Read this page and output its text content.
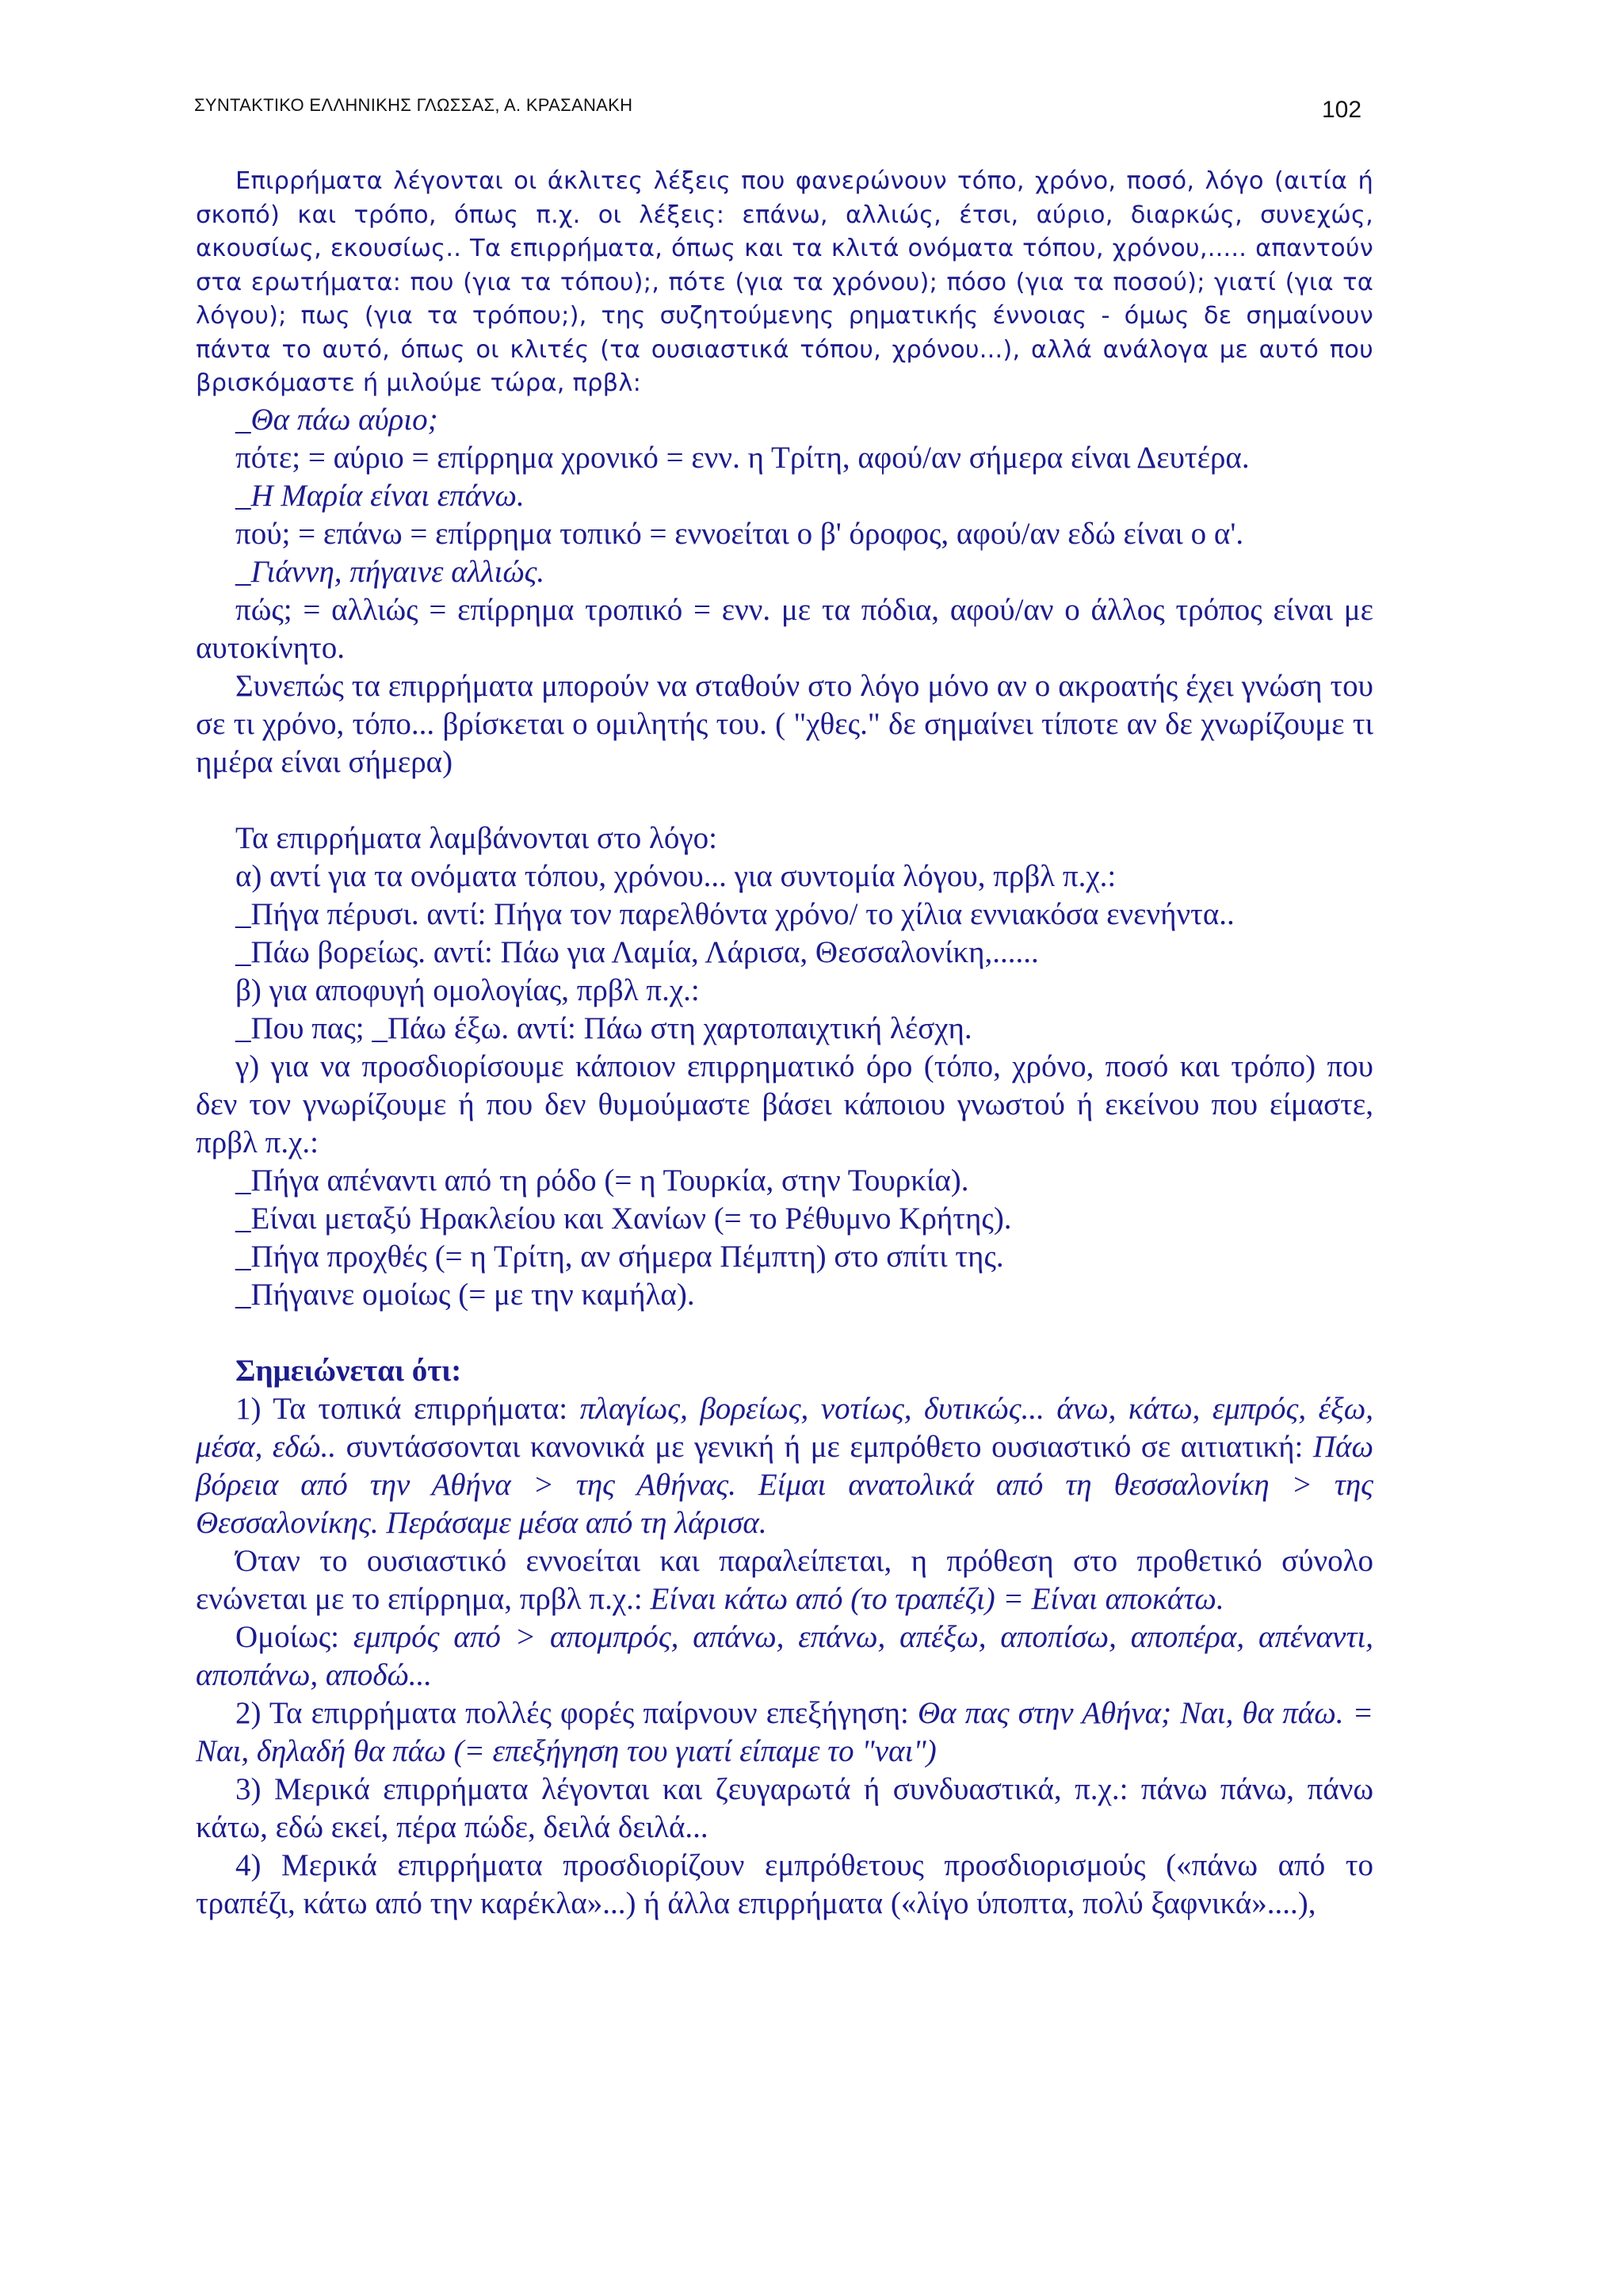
ΣΥΝΤΑΚΤΙΚΟ ΕΛΛΗΝΙΚΗΣ ΓΛΩΣΣΑΣ, Α. ΚΡΑΣΑΝΑΚΗ	102

Επιρρήματα λέγονται οι άκλιτες λέξεις που φανερώνουν τόπο, χρόνο, ποσό, λόγο (αιτία ή σκοπό) και τρόπο, όπως π.χ. οι λέξεις: επάνω, αλλιώς, έτσι, αύριο, διαρκώς, συνεχώς, ακουσίως, εκουσίως.. Τα επιρρήματα, όπως και τα κλιτά ονόματα τόπου, χρόνου,..... απαντούν στα ερωτήματα: που (για τα τόπου);, πότε (για τα χρόνου); πόσο (για τα ποσού); γιατί (για τα λόγου); πως (για τα τρόπου;), της συζητούμενης ρηματικής έννοιας - όμως δε σημαίνουν πάντα το αυτό, όπως οι κλιτές (τα ουσιαστικά τόπου, χρόνου...), αλλά ανάλογα με αυτό που βρισκόμαστε ή μιλούμε τώρα, πρβλ:

_Θα πάω αύριο;

πότε; = αύριο = επίρρημα χρονικό = ενν. η Τρίτη, αφού/αν σήμερα είναι Δευτέρα.

_Η Μαρία είναι επάνω.

πού; = επάνω = επίρρημα τοπικό = εννοείται ο β' όροφος, αφού/αν εδώ είναι ο α'.

_Γιάννη, πήγαινε αλλιώς.

πώς; = αλλιώς = επίρρημα τροπικό = ενν. με τα πόδια, αφού/αν ο άλλος τρόπος είναι με αυτοκίνητο.

Συνεπώς τα επιρρήματα μπορούν να σταθούν στο λόγο μόνο αν ο ακροατής έχει γνώση του σε τι χρόνο, τόπο... βρίσκεται ο ομιλητής του. ( "χθες." δε σημαίνει τίποτε αν δε χνωρίζουμε τι ημέρα είναι σήμερα)

Τα επιρρήματα λαμβάνονται στο λόγο:

α) αντί για τα ονόματα τόπου, χρόνου... για συντομία λόγου, πρβλ π.χ.:

_Πήγα πέρυσι. αντί: Πήγα τον παρελθόντα χρόνο/ το χίλια εννιακόσα ενενήντα..

_Πάω βορείως. αντί: Πάω για Λαμία, Λάρισα, Θεσσαλονίκη,......

β) για αποφυγή ομολογίας, πρβλ π.χ.:

_Που πας; _Πάω έξω. αντί: Πάω στη χαρτοπαιχτική λέσχη.

γ) για να προσδιορίσουμε κάποιον επιρρηματικό όρο (τόπο, χρόνο, ποσό και τρόπο) που δεν τον γνωρίζουμε ή που δεν θυμούμαστε βάσει κάποιου γνωστού ή εκείνου που είμαστε, πρβλ π.χ.:

_Πήγα απέναντι από τη ρόδο (= η Τουρκία, στην Τουρκία).

_Είναι μεταξύ Ηρακλείου και Χανίων (= το Ρέθυμνο Κρήτης).

_Πήγα προχθές (= η Τρίτη, αν σήμερα Πέμπτη) στο σπίτι της.

_Πήγαινε ομοίως (= με την καμήλα).

Σημειώνεται ότι:

1) Τα τοπικά επιρρήματα: πλαγίως, βορείως, νοτίως, δυτικώς... άνω, κάτω, εμπρός, έξω, μέσα, εδώ.. συντάσσονται κανονικά με γενική ή με εμπρόθετο ουσιαστικό σε αιτιατική: Πάω βόρεια από την Αθήνα > της Αθήνας. Είμαι ανατολικά από τη θεσσαλονίκη > της Θεσσαλονίκης. Περάσαμε μέσα από τη λάρισα.

Όταν το ουσιαστικό εννοείται και παραλείπεται, η πρόθεση στο προθετικό σύνολο ενώνεται με το επίρρημα, πρβλ π.χ.: Είναι κάτω από (το τραπέζι) = Είναι αποκάτω.

Ομοίως: εμπρός από > απομπρός, απάνω, επάνω, απέξω, αποπίσω, αποπέρα, απέναντι, αποπάνω, αποδώ...

2) Τα επιρρήματα πολλές φορές παίρνουν επεξήγηση: Θα πας στην Αθήνα; Ναι, θα πάω. = Ναι, δηλαδή θα πάω (= επεξήγηση του γιατί είπαμε το "ναι")

3) Μερικά επιρρήματα λέγονται και ζευγαρωτά ή συνδυαστικά, π.χ.: πάνω πάνω, πάνω κάτω, εδώ εκεί, πέρα πώδε, δειλά δειλά...

4) Μερικά επιρρήματα προσδιορίζουν εμπρόθετους προσδιορισμούς («πάνω από το τραπέζι, κάτω από την καρέκλα»...) ή άλλα επιρρήματα («λίγο ύποπτα, πολύ ξαφνικά»....),
